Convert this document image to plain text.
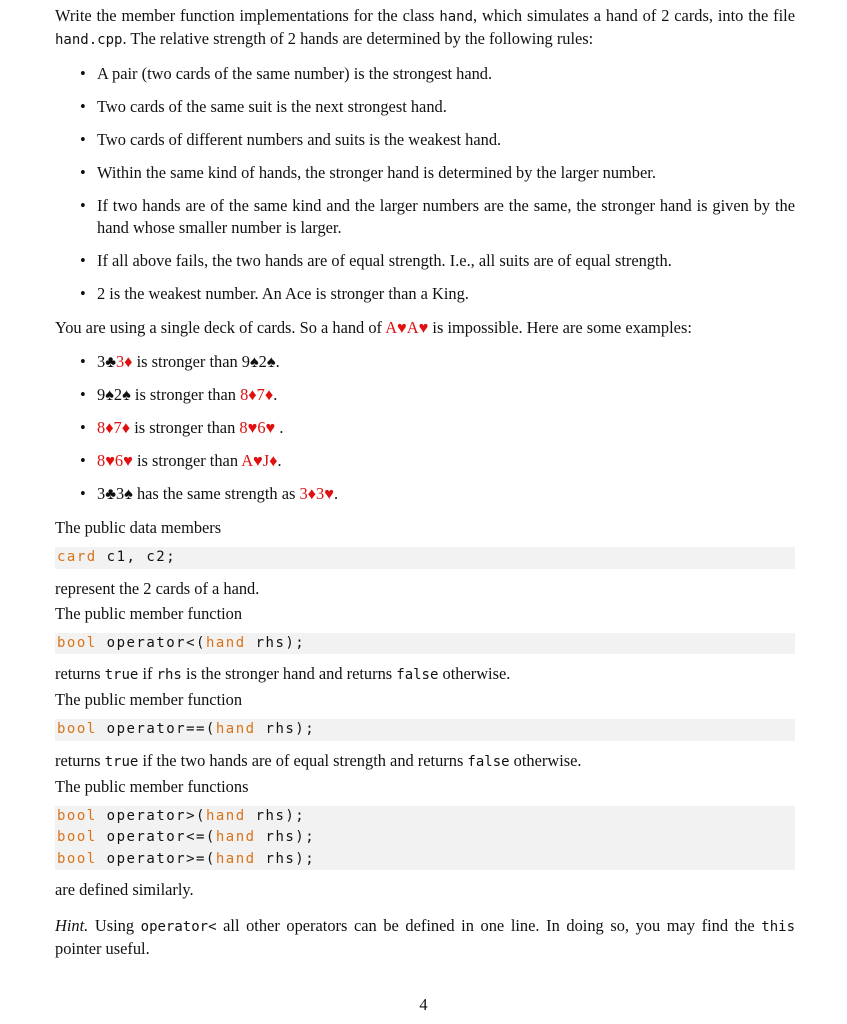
Write the member function implementations for the class hand, which simulates a hand of 2 cards, into the file hand.cpp. The relative strength of 2 hands are determined by the following rules:
• A pair (two cards of the same number) is the strongest hand.
• Two cards of the same suit is the next strongest hand.
• Two cards of different numbers and suits is the weakest hand.
• Within the same kind of hands, the stronger hand is determined by the larger number.
• If two hands are of the same kind and the larger numbers are the same, the stronger hand is given by the hand whose smaller number is larger.
• If all above fails, the two hands are of equal strength. I.e., all suits are of equal strength.
• 2 is the weakest number. An Ace is stronger than a King.
You are using a single deck of cards. So a hand of A♥A♥ is impossible. Here are some examples:
• 3♣3♦ is stronger than 9♠2♠.
• 9♠2♠ is stronger than 8♦7♦.
• 8♦7♦ is stronger than 8♥6♥ .
• 8♥6♥ is stronger than A♥J♦.
• 3♣3♠ has the same strength as 3♦3♥.
The public data members
card c1, c2;
represent the 2 cards of a hand.
The public member function
bool operator<(hand rhs);
returns true if rhs is the stronger hand and returns false otherwise.
The public member function
bool operator==(hand rhs);
returns true if the two hands are of equal strength and returns false otherwise.
The public member functions
bool operator>(hand rhs);
bool operator<=(hand rhs);
bool operator>=(hand rhs);
are defined similarly.
Hint. Using operator< all other operators can be defined in one line. In doing so, you may find the this pointer useful.
4
